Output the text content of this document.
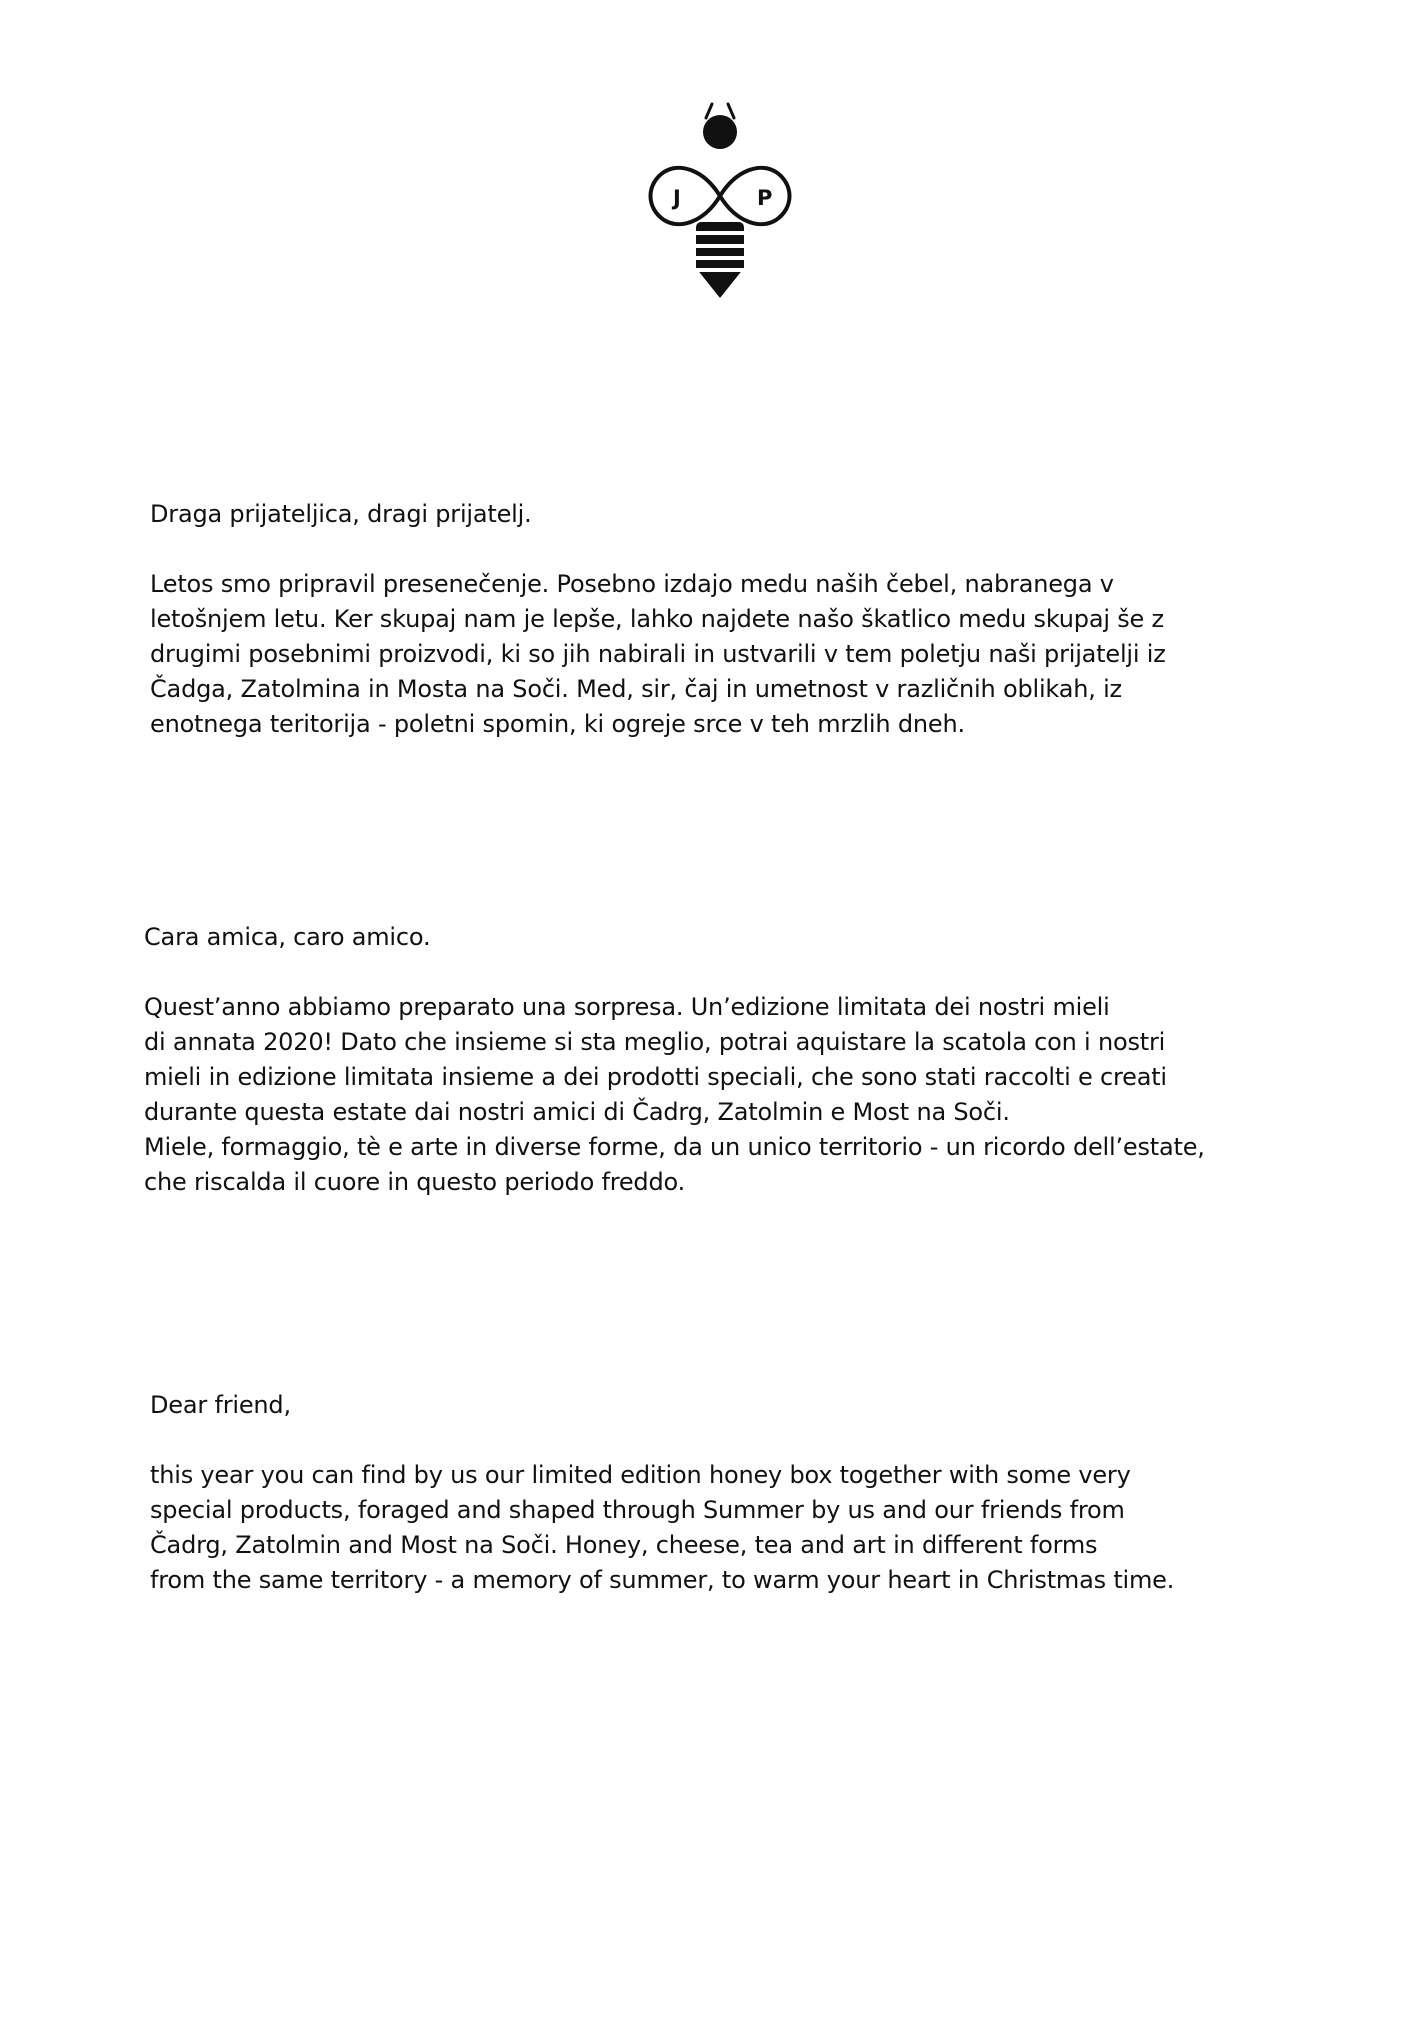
J	P

Draga prijateljica, dragi prijatelj.

Letos smo pripravil presenečenje. Posebno izdajo medu naših čebel, nabranega v

letošnjem letu. Ker skupaj nam je lepše, lahko najdete našo škatlico medu skupaj še z

drugimi posebnimi proizvodi, ki so jih nabirali in ustvarili v tem poletju naši prijatelji iz

Čadga, Zatolmina in Mosta na Soči. Med, sir, čaj in umetnost v različnih oblikah, iz

enotnega teritorija - poletni spomin, ki ogreje srce v teh mrzlih dneh.

Cara amica, caro amico.

Quest’anno abbiamo preparato una sorpresa. Un’edizione limitata dei nostri mieli

di annata 2020! Dato che insieme si sta meglio, potrai aquistare la scatola con i nostri

mieli in edizione limitata insieme a dei prodotti speciali, che sono stati raccolti e creati

durante questa estate dai nostri amici di Čadrg, Zatolmin e Most na Soči.

Miele, formaggio, tè e arte in diverse forme, da un unico territorio - un ricordo dell’estate,

che riscalda il cuore in questo periodo freddo.

Dear friend,

this year you can find by us our limited edition honey box together with some very

special products, foraged and shaped through Summer by us and our friends from

Čadrg, Zatolmin and Most na Soči. Honey, cheese, tea and art in different forms

from the same territory - a memory of summer, to warm your heart in Christmas time.
